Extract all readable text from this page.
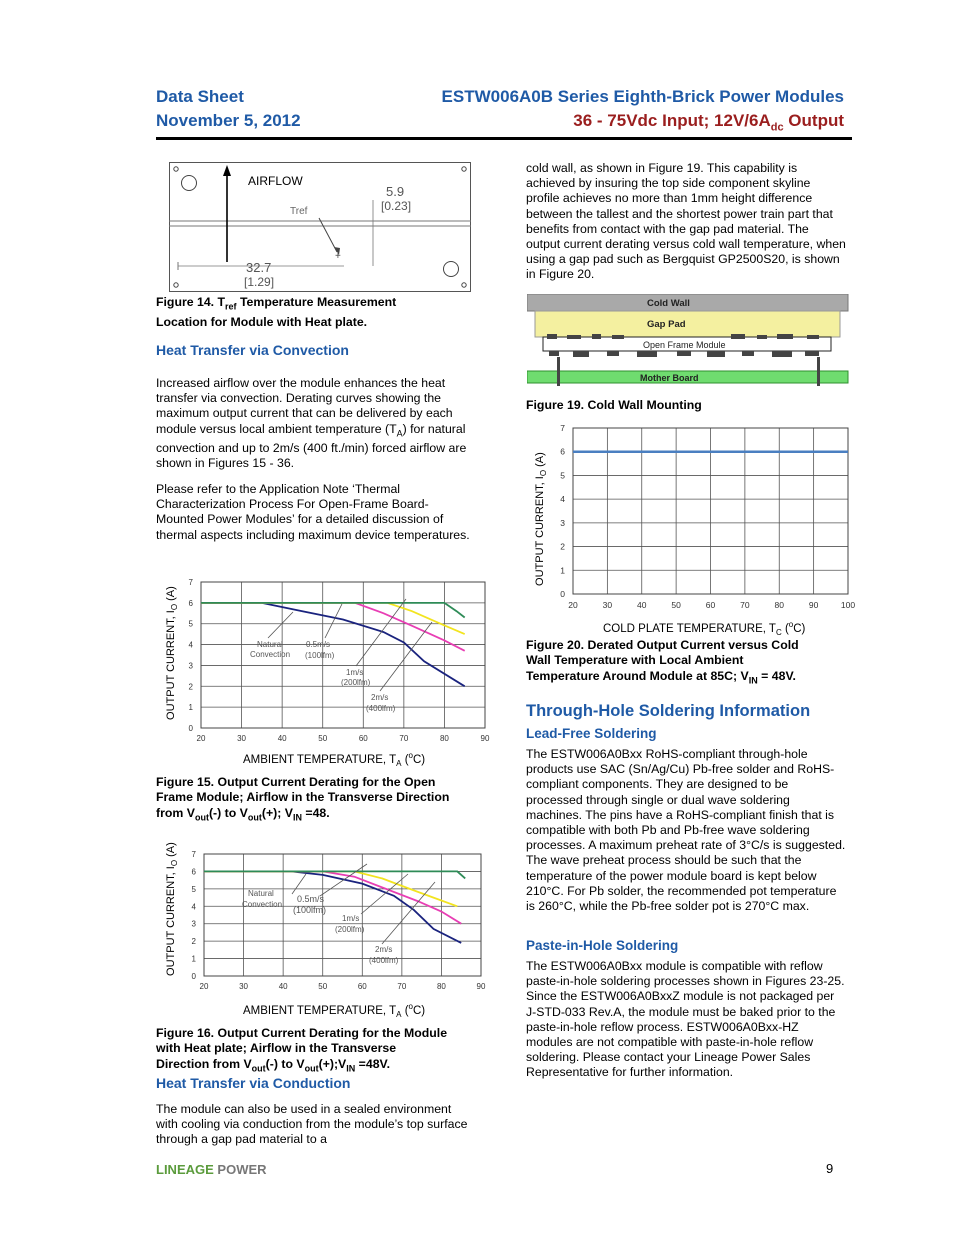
Data Sheet
November 5, 2012
ESTW006A0B Series Eighth-Brick Power Modules
36 - 75Vdc Input; $12V/6A_{dc}$ Output
AIRFLOW
Tref
+
5.9
[0.23]
32.7
[1.29]
Figure 14. $T_{ref}$ Temperature Measurement
Location for Module with Heat plate.
Heat Transfer via Convection
Increased airflow over the module enhances the heat transfer via convection. Derating curves showing the maximum output current that can be delivered by each module versus local ambient temperature $(T_A)$ for natural convection and up to 2m/s (400 ft./min) forced airflow are shown in Figures 15 - 36.
Please refer to the Application Note ‘Thermal Characterization Process For Open-Frame Board-Mounted Power Modules’ for a detailed discussion of thermal aspects including maximum device temperatures.
20	30	40	50	60	70	80	90
0
1
2
3
4
5
6
7
Natural
Convection
0.5m/s
(100lfm)
1m/s
(200lfm)
2m/s
(400lfm)
OUTPUT CURRENT, $I_O$ (A)
AMBIENT TEMPERATURE, $T_A$ ($^o$C)
Figure 15. Output Current Derating for the Open
Frame Module; Airflow in the Transverse Direction
from $V_{out}(-)$ to $V_{out}(+)$; $V_{IN} =48$.
20	30	40	50	60	70	80	90
0
1
2
3
4
5
6
7
Natural
Convection
0.5m/s
(100lfm)
1m/s
(200lfm)
2m/s
(400lfm)
OUTPUT CURRENT, $I_O$ (A)
AMBIENT TEMPERATURE, $T_A$ ($^o$C)
Figure 16. Output Current Derating for the Module
with Heat plate; Airflow in the Transverse
Direction from $V_{out}(-)$ to $V_{out}(+);V_{IN} =48V$.
Heat Transfer via Conduction
The module can also be used in a sealed environment with cooling via conduction from the module’s top surface through a gap pad material to a
cold wall, as shown in Figure 19. This capability is achieved by insuring the top side component skyline profile achieves no more than 1mm height difference between the tallest and the shortest power train part that benefits from contact with the gap pad material. The output current derating versus cold wall temperature, when using a gap pad such as Bergquist GP2500S20, is shown in Figure 20.
Cold Wall
Gap Pad
Open Frame Module
Mother Board
Figure 19. Cold Wall Mounting
20	30	40	50	60	70	80	90	100
0
1
2
3
4
5
6
7
OUTPUT CURRENT, $I_O$ (A)
COLD PLATE TEMPERATURE, $T_C$ ($^o$C)
Figure 20. Derated Output Current versus Cold
Wall Temperature with Local Ambient
Temperature Around Module at 85C; $V_{IN} = 48V$.
Through-Hole Soldering Information
Lead-Free Soldering
The ESTW006A0Bxx RoHS-compliant through-hole products use SAC (Sn/Ag/Cu) Pb-free solder and RoHS-compliant components. They are designed to be processed through single or dual wave soldering machines. The pins have a RoHS-compliant finish that is compatible with both Pb and Pb-free wave soldering processes. A maximum preheat rate of 3°C/s is suggested. The wave preheat process should be such that the temperature of the power module board is kept below 210°C. For Pb solder, the recommended pot temperature is 260°C, while the Pb-free solder pot is 270°C max.
Paste-in-Hole Soldering
The ESTW006A0Bxx module is compatible with reflow paste-in-hole soldering processes shown in Figures 23-25. Since the ESTW006A0BxxZ module is not packaged per J-STD-033 Rev.A, the module must be baked prior to the paste-in-hole reflow process. ESTW006A0Bxx-HZ modules are not compatible with paste-in-hole reflow soldering. Please contact your Lineage Power Sales Representative for further information.
LINEAGE POWER	9
